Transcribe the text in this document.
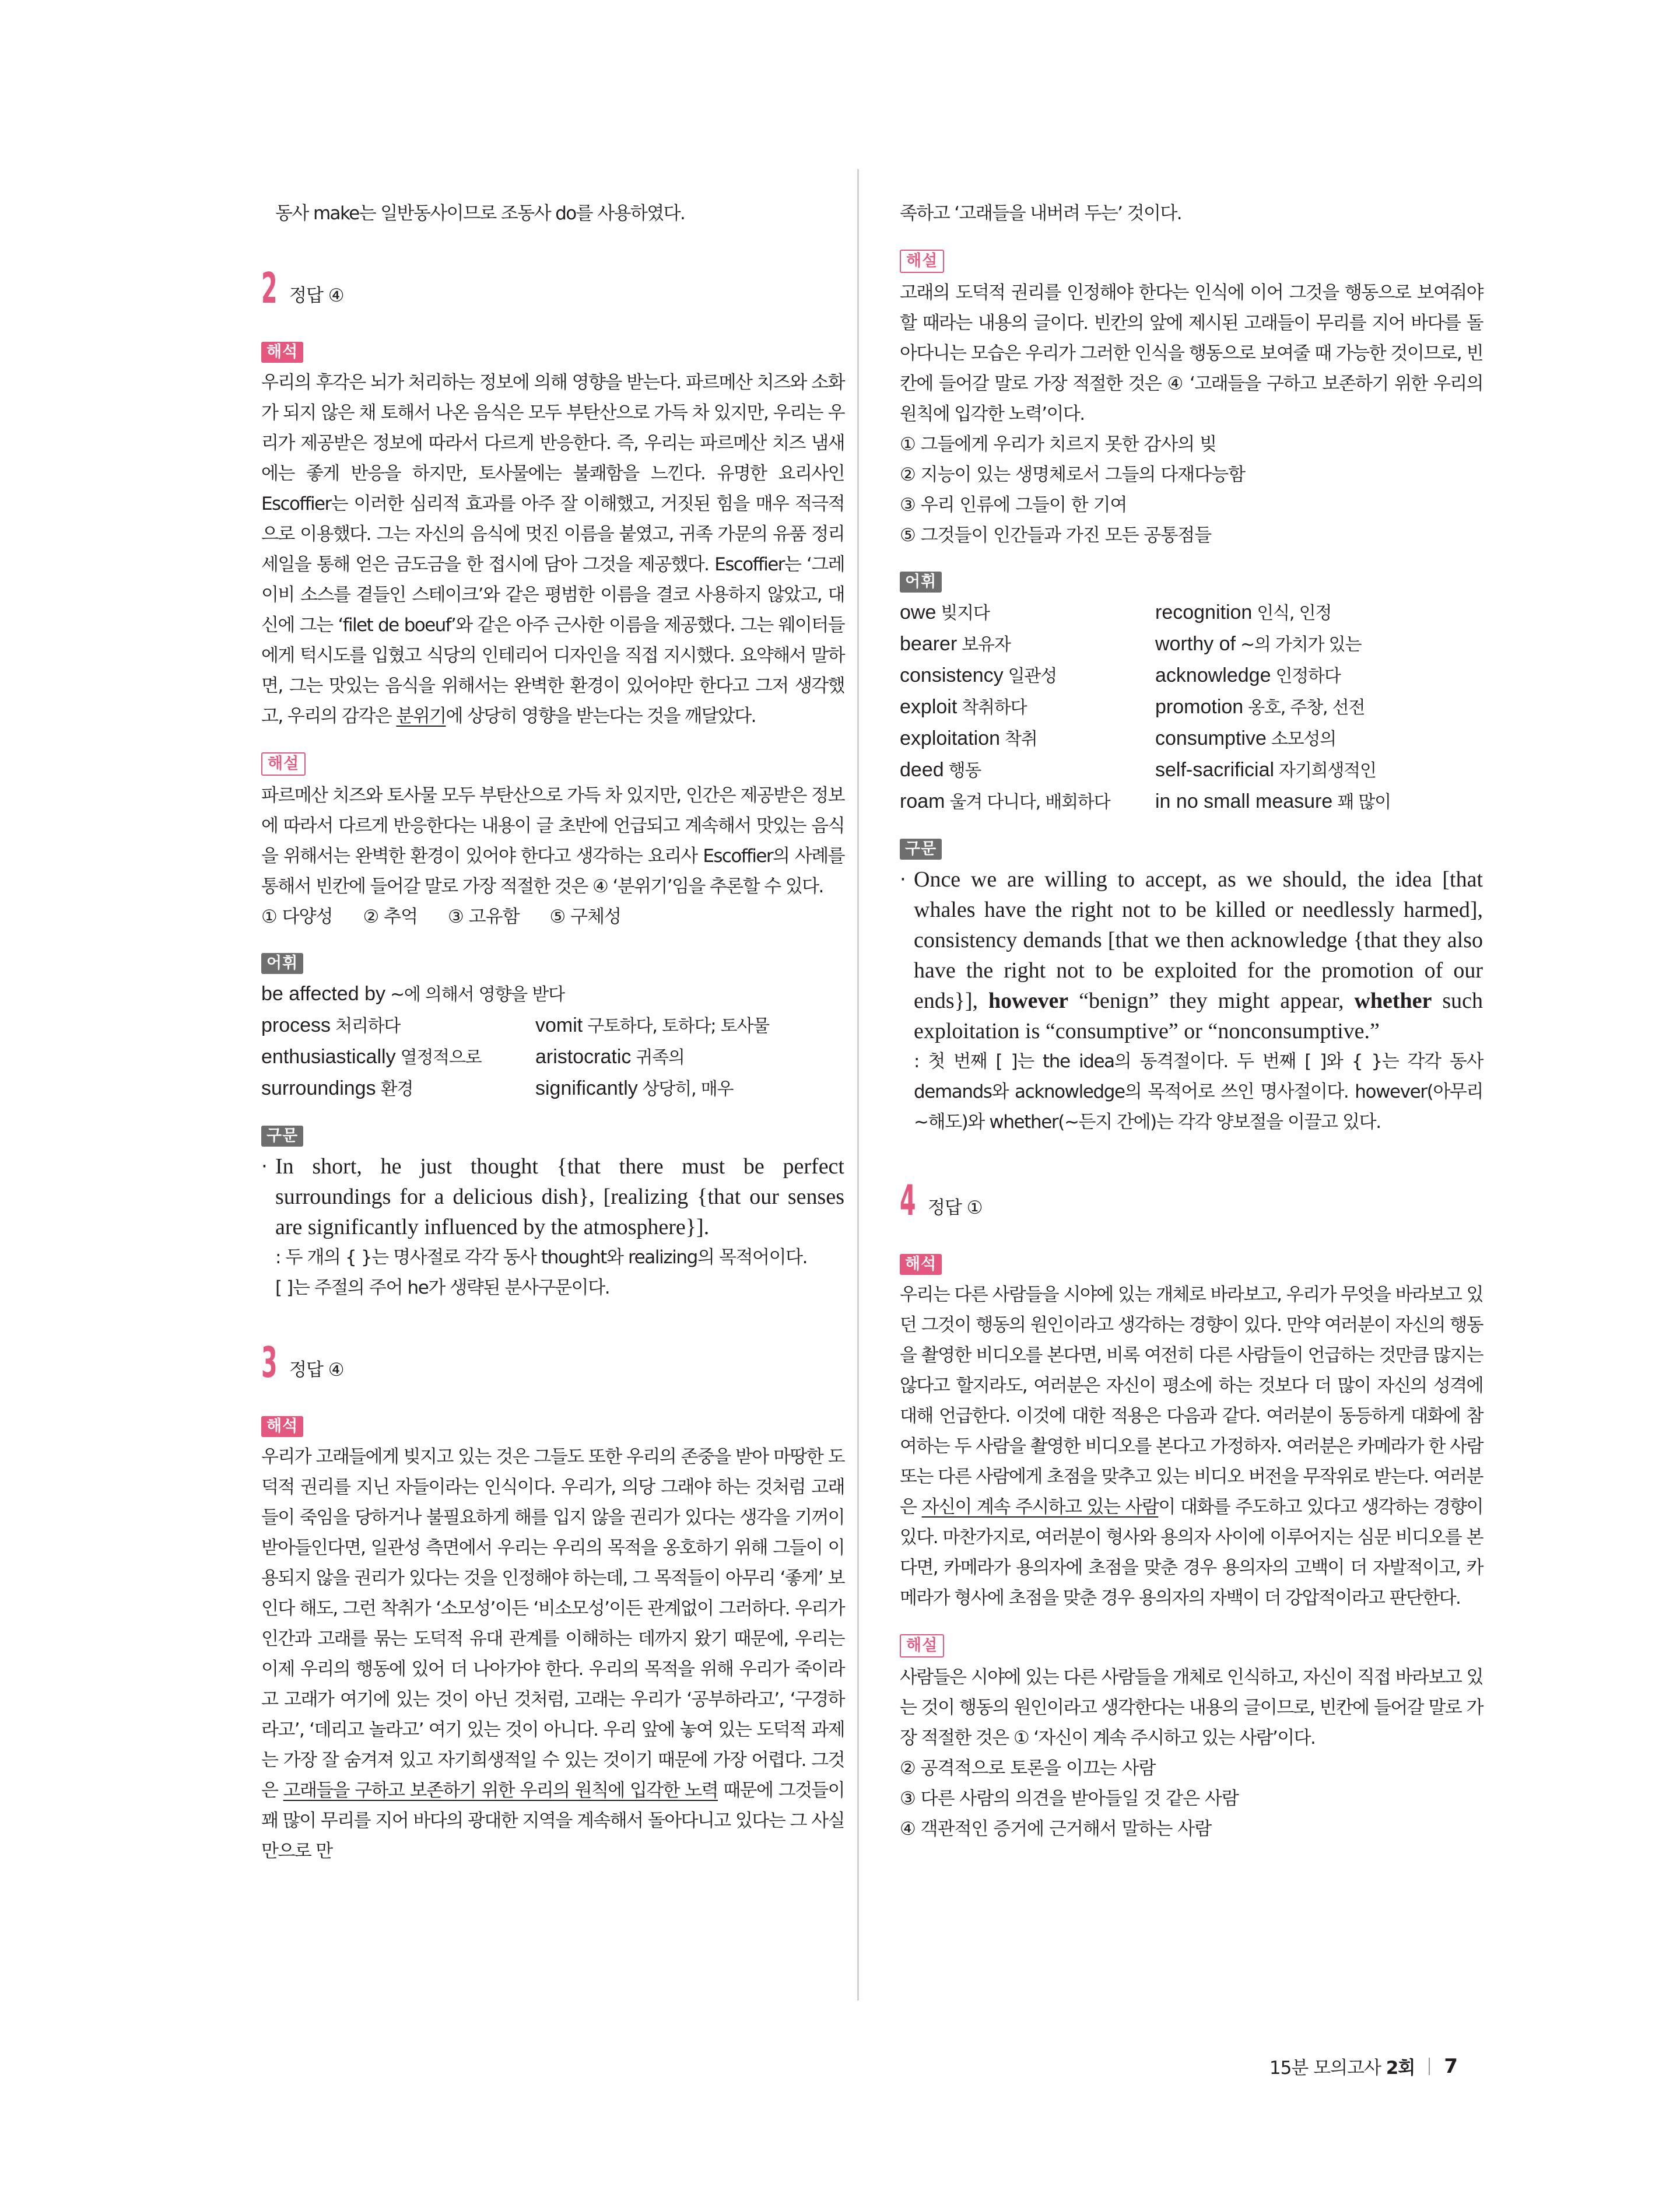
동사 make는 일반동사이므로 조동사 do를 사용하였다.

2 정답 ④
해석

우리의 후각은 뇌가 처리하는 정보에 의해 영향을 받는다. 파르메산 치즈와 소화가 되지 않은 채 토해서 나온 음식은 모두 부탄산으로 가득 차 있지만, 우리는 우리가 제공받은 정보에 따라서 다르게 반응한다. 즉, 우리는 파르메산 치즈 냄새에는 좋게 반응을 하지만, 토사물에는 불쾌함을 느낀다. 유명한 요리사인 Escoffier는 이러한 심리적 효과를 아주 잘 이해했고, 거짓된 힘을 매우 적극적으로 이용했다. 그는 자신의 음식에 멋진 이름을 붙였고, 귀족 가문의 유품 정리 세일을 통해 얻은 금도금을 한 접시에 담아 그것을 제공했다. Escoffier는 ‘그레이비 소스를 곁들인 스테이크’와 같은 평범한 이름을 결코 사용하지 않았고, 대신에 그는 ‘filet de boeuf’와 같은 아주 근사한 이름을 제공했다. 그는 웨이터들에게 턱시도를 입혔고 식당의 인테리어 디자인을 직접 지시했다. 요약해서 말하면, 그는 맛있는 음식을 위해서는 완벽한 환경이 있어야만 한다고 그저 생각했고, 우리의 감각은 분위기에 상당히 영향을 받는다는 것을 깨달았다.

해설

파르메산 치즈와 토사물 모두 부탄산으로 가득 차 있지만, 인간은 제공받은 정보에 따라서 다르게 반응한다는 내용이 글 초반에 언급되고 계속해서 맛있는 음식을 위해서는 완벽한 환경이 있어야 한다고 생각하는 요리사 Escoffier의 사례를 통해서 빈칸에 들어갈 말로 가장 적절한 것은 ④ ‘분위기’임을 추론할 수 있다.

① 다양성 ② 추억 ③ 고유함 ⑤ 구체성
어휘
be affected by ~에 의해서 영향을 받다
process 처리하다	vomit 구토하다, 토하다; 토사물
enthusiastically 열정적으로	aristocratic 귀족의
surroundings 환경	significantly 상당히, 매우
구문
· In short, he just thought {that there must be perfect surroundings for a delicious dish}, [realizing {that our senses are significantly influenced by the atmosphere}].

: 두 개의 { }는 명사절로 각각 동사 thought와 realizing의 목적어이다.

[ ]는 주절의 주어 he가 생략된 분사구문이다.

3 정답 ④
해석

우리가 고래들에게 빚지고 있는 것은 그들도 또한 우리의 존중을 받아 마땅한 도덕적 권리를 지닌 자들이라는 인식이다. 우리가, 의당 그래야 하는 것처럼 고래들이 죽임을 당하거나 불필요하게 해를 입지 않을 권리가 있다는 생각을 기꺼이 받아들인다면, 일관성 측면에서 우리는 우리의 목적을 옹호하기 위해 그들이 이용되지 않을 권리가 있다는 것을 인정해야 하는데, 그 목적들이 아무리 ‘좋게’ 보인다 해도, 그런 착취가 ‘소모성’이든 ‘비소모성’이든 관계없이 그러하다. 우리가 인간과 고래를 묶는 도덕적 유대 관계를 이해하는 데까지 왔기 때문에, 우리는 이제 우리의 행동에 있어 더 나아가야 한다. 우리의 목적을 위해 우리가 죽이라고 고래가 여기에 있는 것이 아닌 것처럼, 고래는 우리가 ‘공부하라고’, ‘구경하라고’, ‘데리고 놀라고’ 여기 있는 것이 아니다. 우리 앞에 놓여 있는 도덕적 과제는 가장 잘 숨겨져 있고 자기희생적일 수 있는 것이기 때문에 가장 어렵다. 그것은 고래들을 구하고 보존하기 위한 우리의 원칙에 입각한 노력 때문에 그것들이 꽤 많이 무리를 지어 바다의 광대한 지역을 계속해서 돌아다니고 있다는 그 사실만으로 만

족하고 ‘고래들을 내버려 두는’ 것이다.

해설

고래의 도덕적 권리를 인정해야 한다는 인식에 이어 그것을 행동으로 보여줘야 할 때라는 내용의 글이다. 빈칸의 앞에 제시된 고래들이 무리를 지어 바다를 돌아다니는 모습은 우리가 그러한 인식을 행동으로 보여줄 때 가능한 것이므로, 빈칸에 들어갈 말로 가장 적절한 것은 ④ ‘고래들을 구하고 보존하기 위한 우리의 원칙에 입각한 노력’이다.

① 그들에게 우리가 치르지 못한 감사의 빚

② 지능이 있는 생명체로서 그들의 다재다능함

③ 우리 인류에 그들이 한 기여

⑤ 그것들이 인간들과 가진 모든 공통점들

어휘
owe 빚지다	recognition 인식, 인정
bearer 보유자	worthy of ~의 가치가 있는
consistency 일관성	acknowledge 인정하다
exploit 착취하다	promotion 옹호, 주창, 선전
exploitation 착취	consumptive 소모성의
deed 행동	self-sacrificial 자기희생적인
roam 울겨 다니다, 배회하다	in no small measure 꽤 많이
구문
· Once we are willing to accept, as we should, the idea [that whales have the right not to be killed or needlessly harmed], consistency demands [that we then acknowledge {that they also have the right not to be exploited for the promotion of our ends}], however “benign” they might appear, whether such exploitation is “consumptive” or “nonconsumptive.”

: 첫 번째 [ ]는 the idea의 동격절이다. 두 번째 [ ]와 { }는 각각 동사 demands와 acknowledge의 목적어로 쓰인 명사절이다. however(아무리 ~해도)와 whether(~든지 간에)는 각각 양보절을 이끌고 있다.

4 정답 ①
해석

우리는 다른 사람들을 시야에 있는 개체로 바라보고, 우리가 무엇을 바라보고 있던 그것이 행동의 원인이라고 생각하는 경향이 있다. 만약 여러분이 자신의 행동을 촬영한 비디오를 본다면, 비록 여전히 다른 사람들이 언급하는 것만큼 많지는 않다고 할지라도, 여러분은 자신이 평소에 하는 것보다 더 많이 자신의 성격에 대해 언급한다. 이것에 대한 적용은 다음과 같다. 여러분이 동등하게 대화에 참여하는 두 사람을 촬영한 비디오를 본다고 가정하자. 여러분은 카메라가 한 사람 또는 다른 사람에게 초점을 맞추고 있는 비디오 버전을 무작위로 받는다. 여러분은 자신이 계속 주시하고 있는 사람이 대화를 주도하고 있다고 생각하는 경향이 있다. 마찬가지로, 여러분이 형사와 용의자 사이에 이루어지는 심문 비디오를 본다면, 카메라가 용의자에 초점을 맞춘 경우 용의자의 고백이 더 자발적이고, 카메라가 형사에 초점을 맞춘 경우 용의자의 자백이 더 강압적이라고 판단한다.

해설

사람들은 시야에 있는 다른 사람들을 개체로 인식하고, 자신이 직접 바라보고 있는 것이 행동의 원인이라고 생각한다는 내용의 글이므로, 빈칸에 들어갈 말로 가장 적절한 것은 ① ‘자신이 계속 주시하고 있는 사람’이다.

② 공격적으로 토론을 이끄는 사람

③ 다른 사람의 의견을 받아들일 것 같은 사람

④ 객관적인 증거에 근거해서 말하는 사람

15분 모의고사
2회 7
